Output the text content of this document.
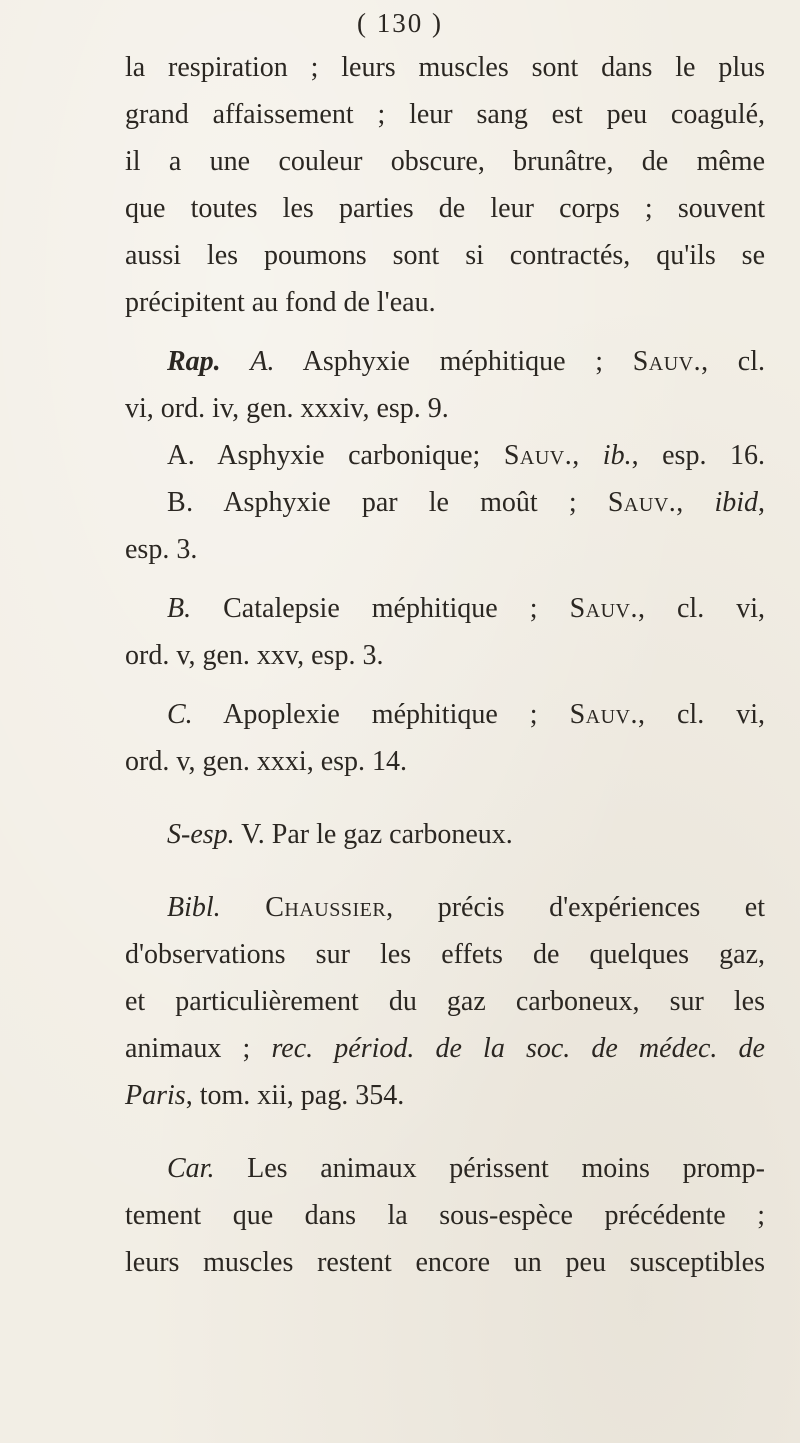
( 130 )
la respiration ; leurs muscles sont dans le plus
grand affaissement ; leur sang est peu coagulé,
il a une couleur obscure, brunâtre, de même
que toutes les parties de leur corps ; souvent
aussi les poumons sont si contractés, qu'ils se
précipitent au fond de l'eau.
Rap. A. Asphyxie méphitique ; Sauv., cl.
vi, ord. iv, gen. xxxiv, esp. 9.
A. Asphyxie carbonique; Sauv., ib., esp. 16.
B. Asphyxie par le moût ; Sauv., ibid,
esp. 3.
B. Catalepsie méphitique ; Sauv., cl. vi,
ord. v, gen. xxv, esp. 3.
C. Apoplexie méphitique ; Sauv., cl. vi,
ord. v, gen. xxxi, esp. 14.
S-esp. V. Par le gaz carboneux.
Bibl. Chaussier, précis d'expériences et
d'observations sur les effets de quelques gaz,
et particulièrement du gaz carboneux, sur les
animaux ; rec. périod. de la soc. de médec. de
Paris, tom. xii, pag. 354.
Car. Les animaux périssent moins promp-
tement que dans la sous-espèce précédente ;
leurs muscles restent encore un peu susceptibles
